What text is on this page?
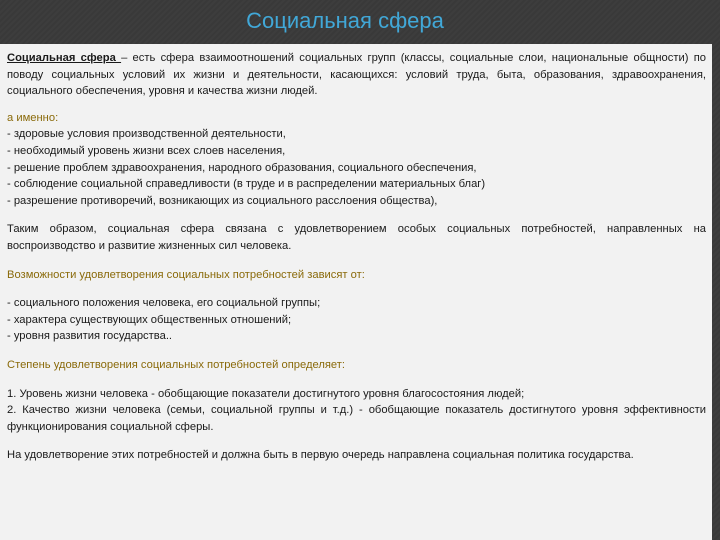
Социальная сфера

Социальная сфера – есть сфера взаимоотношений социальных групп (классы, социальные слои, национальные общности) по поводу социальных условий их жизни и деятельности, касающихся: условий труда, быта, образования, здравоохранения, социального обеспечения, уровня и качества жизни людей.

а именно:
- здоровые условия производственной деятельности,
- необходимый уровень жизни всех слоев населения,
- решение проблем здравоохранения, народного образования, социального обеспечения,
- соблюдение социальной справедливости (в труде и в распределении материальных благ)
- разрешение противоречий, возникающих из социального расслоения общества),

Таким образом, социальная сфера связана с удовлетворением особых социальных потребностей, направленных на воспроизводство и развитие жизненных сил человека.

Возможности удовлетворения социальных потребностей зависят от:
- социального положения человека, его социальной группы;
- характера существующих общественных отношений;
- уровня развития государства..
Степень удовлетворения социальных потребностей определяет:

1. Уровень жизни человека - обобщающие показатели достигнутого уровня благосостояния людей;

2. Качество жизни человека (семьи, социальной группы и т.д.) - обобщающие показатель достигнутого уровня эффективности функционирования социальной сферы.

На удовлетворение этих потребностей и должна быть в первую очередь направлена социальная политика государства.
